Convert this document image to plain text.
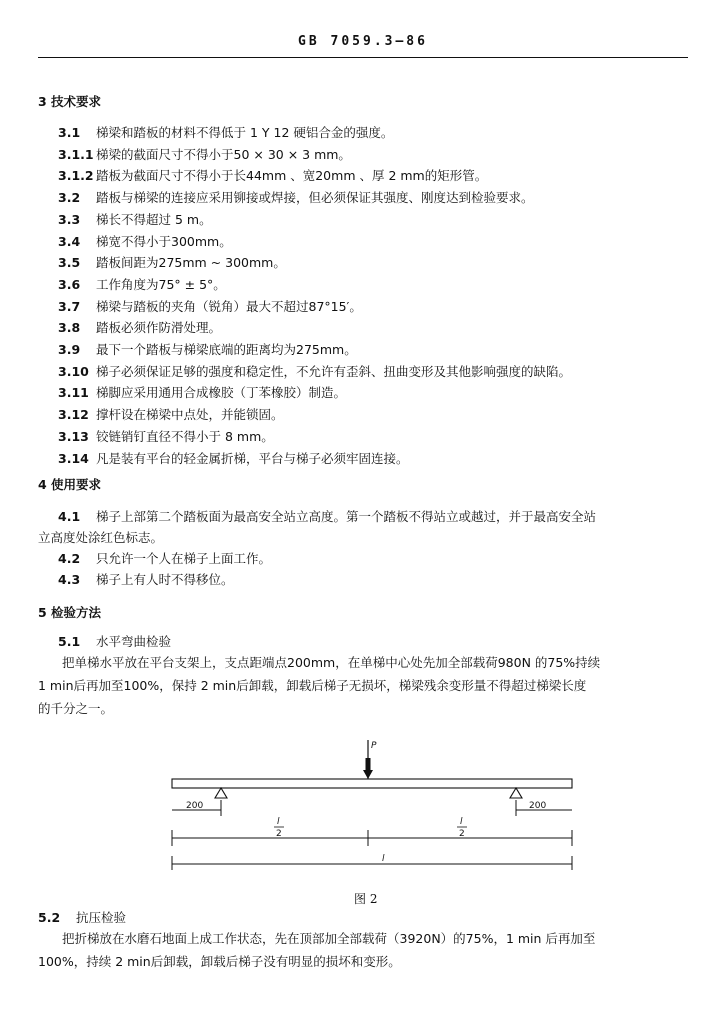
GB 7059.3—86
3 技术要求
3.1 梯梁和踏板的材料不得低于 1 Y 12 硬铝合金的强度。
3.1.1 梯梁的截面尺寸不得小于50 × 30 × 3 mm。
3.1.2 踏板为截面尺寸不得小于长44mm 、宽20mm 、厚 2 mm的矩形管。
3.2 踏板与梯梁的连接应采用铆接或焊接，但必须保证其强度、刚度达到检验要求。
3.3 梯长不得超过 5 m。
3.4 梯宽不得小于300mm。
3.5 踏板间距为275mm ~ 300mm。
3.6 工作角度为75° ± 5°。
3.7 梯梁与踏板的夹角（锐角）最大不超过87°15′。
3.8 踏板必须作防滑处理。
3.9 最下一个踏板与梯梁底端的距离均为275mm。
3.10 梯子必须保证足够的强度和稳定性，不允许有歪斜、扭曲变形及其他影响强度的缺陷。
3.11 梯脚应采用通用合成橡胶（丁苯橡胶）制造。
3.12 撑杆设在梯梁中点处，并能锁固。
3.13 铰链销钉直径不得小于 8 mm。
3.14 凡是装有平台的轻金属折梯，平台与梯子必须牢固连接。
4 使用要求
4.1 梯子上部第二个踏板面为最高安全站立高度。第一个踏板不得站立或越过，并于最高安全站
立高度处涂红色标志。
4.2 只允许一个人在梯子上面工作。
4.3 梯子上有人时不得移位。
5 检验方法
5.1 水平弯曲检验
把单梯水平放在平台支架上，支点距端点200mm，在单梯中心处先加全部载荷980N 的75%持续
1 min后再加至100%，保持 2 min后卸载，卸载后梯子无损坏，梯梁残余变形量不得超过梯梁长度
的千分之一。
P
200	200
l
2
l
2
l
图 2
5.2 抗压检验
把折梯放在水磨石地面上成工作状态，先在顶部加全部载荷（3920N）的75%，1 min 后再加至
100%，持续 2 min后卸载，卸载后梯子没有明显的损坏和变形。
